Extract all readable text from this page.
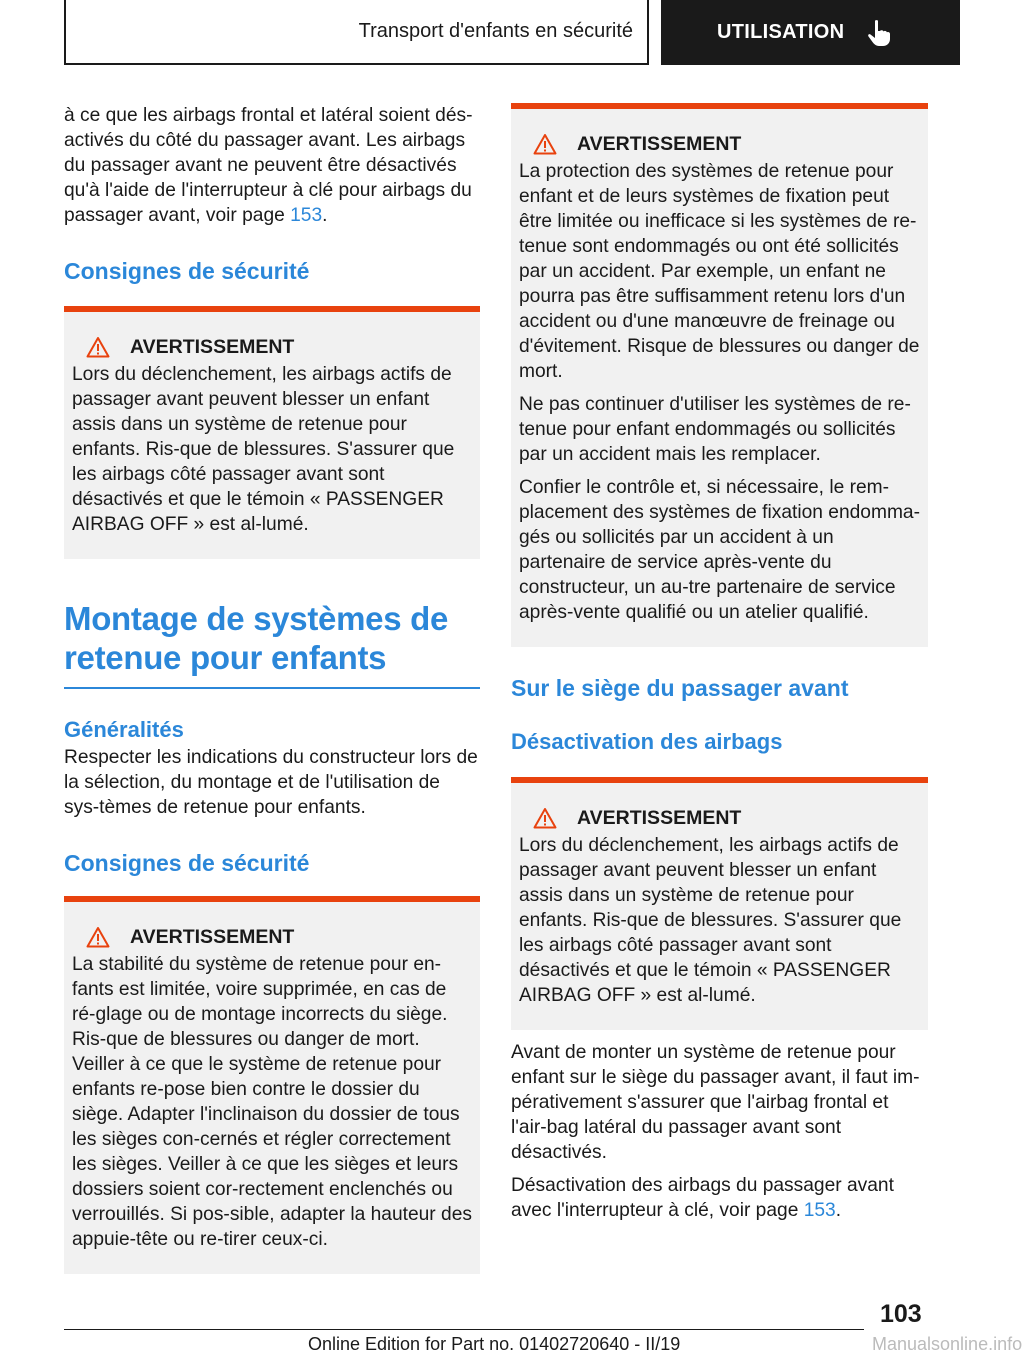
Transport d'enfants en sécurité	UTILISATION

à ce que les airbags frontal et latéral soient dés-activés du côté du passager avant. Les airbags du passager avant ne peuvent être désactivés qu'à l'aide de l'interrupteur à clé pour airbags du passager avant, voir page 153.

Consignes de sécurité
AVERTISSEMENT

Lors du déclenchement, les airbags actifs de passager avant peuvent blesser un enfant assis dans un système de retenue pour enfants. Ris-que de blessures. S'assurer que les airbags côté passager avant sont désactivés et que le témoin « PASSENGER AIRBAG OFF » est al-lumé.

Montage de systèmes de retenue pour enfants
Généralités

Respecter les indications du constructeur lors de la sélection, du montage et de l'utilisation de sys-tèmes de retenue pour enfants.

Consignes de sécurité
AVERTISSEMENT

La stabilité du système de retenue pour en-fants est limitée, voire supprimée, en cas de ré-glage ou de montage incorrects du siège. Ris-que de blessures ou danger de mort. Veiller à ce que le système de retenue pour enfants re-pose bien contre le dossier du siège. Adapter l'inclinaison du dossier de tous les sièges con-cernés et régler correctement les sièges. Veiller à ce que les sièges et leurs dossiers soient cor-rectement enclenchés ou verrouillés. Si pos-sible, adapter la hauteur des appuie-tête ou re-tirer ceux-ci.

AVERTISSEMENT

La protection des systèmes de retenue pour enfant et de leurs systèmes de fixation peut être limitée ou inefficace si les systèmes de re-tenue sont endommagés ou ont été sollicités par un accident. Par exemple, un enfant ne pourra pas être suffisamment retenu lors d'un accident ou d'une manœuvre de freinage ou d'évitement. Risque de blessures ou danger de mort.

Ne pas continuer d'utiliser les systèmes de re-tenue pour enfant endommagés ou sollicités par un accident mais les remplacer.

Confier le contrôle et, si nécessaire, le rem-placement des systèmes de fixation endomma-gés ou sollicités par un accident à un partenaire de service après-vente du constructeur, un au-tre partenaire de service après-vente qualifié ou un atelier qualifié.

Sur le siège du passager avant
Désactivation des airbags
AVERTISSEMENT

Lors du déclenchement, les airbags actifs de passager avant peuvent blesser un enfant assis dans un système de retenue pour enfants. Ris-que de blessures. S'assurer que les airbags côté passager avant sont désactivés et que le témoin « PASSENGER AIRBAG OFF » est al-lumé.

Avant de monter un système de retenue pour enfant sur le siège du passager avant, il faut im-pérativement s'assurer que l'airbag frontal et l'air-bag latéral du passager avant sont désactivés.

Désactivation des airbags du passager avant avec l'interrupteur à clé, voir page 153.

103
Online Edition for Part no. 01402720640 - II/19	Manualsonline.info
